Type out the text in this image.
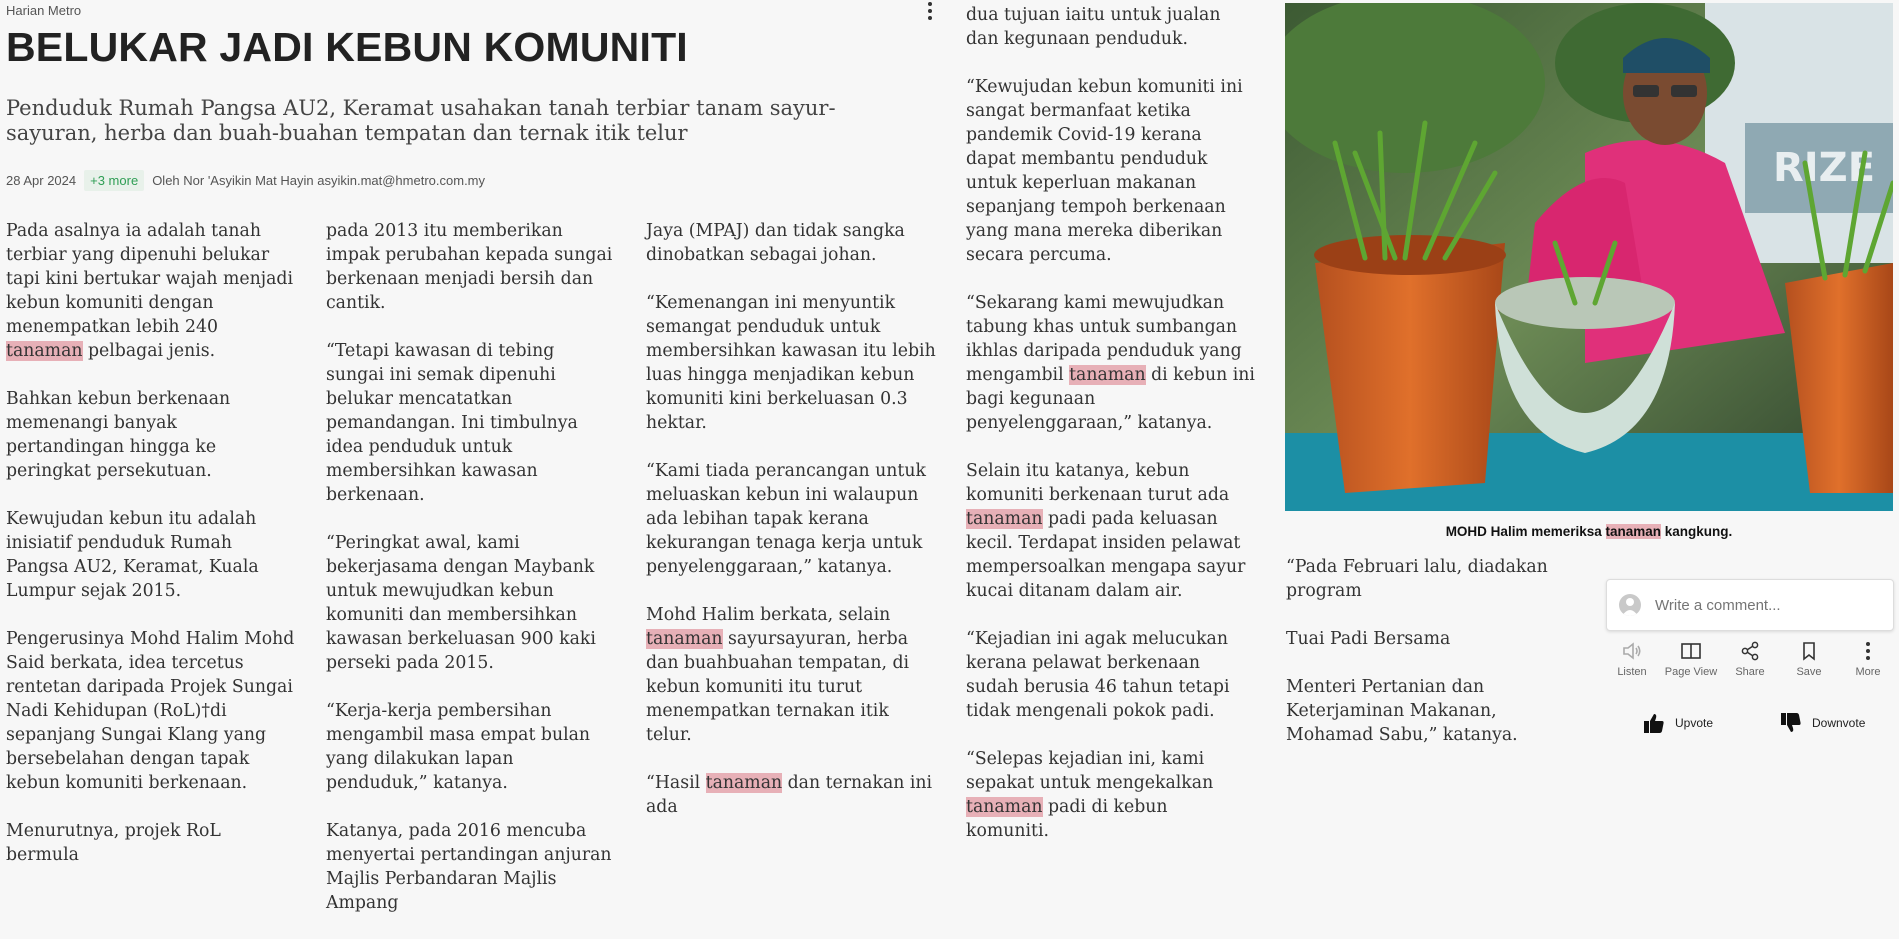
Harian Metro
BELUKAR JADI KEBUN KOMUNITI
Penduduk Rumah Pangsa AU2, Keramat usahakan tanah terbiar tanam sayur-sayuran, herba dan buah-buahan tempatan dan ternak itik telur
28 Apr 2024	+3 more	Oleh Nor 'Asyikin Mat Hayin asyikin.mat@hmetro.com.my

Pada asalnya ia adalah tanah terbiar yang dipenuhi belukar tapi kini bertukar wajah menjadi kebun komuniti dengan menempatkan lebih 240 tanaman pelbagai jenis.

Bahkan kebun berkenaan memenangi banyak pertandingan hingga ke peringkat persekutuan.

Kewujudan kebun itu adalah inisiatif penduduk Rumah Pangsa AU2, Keramat, Kuala Lumpur sejak 2015.

Pengerusinya Mohd Halim Mohd Said berkata, idea tercetus rentetan daripada Projek Sungai Nadi Kehidupan (RoL)†di sepanjang Sungai Klang yang bersebelahan dengan tapak kebun komuniti berkenaan.

Menurutnya, projek RoL bermula

pada 2013 itu memberikan impak perubahan kepada sungai berkenaan menjadi bersih dan cantik.

“Tetapi kawasan di tebing sungai ini semak dipenuhi belukar mencatatkan pemandangan. Ini timbulnya idea penduduk untuk membersihkan kawasan berkenaan.

“Peringkat awal, kami bekerjasama dengan Maybank untuk mewujudkan kebun komuniti dan membersihkan kawasan berkeluasan 900 kaki perseki pada 2015.

“Kerja-kerja pembersihan mengambil masa empat bulan yang dilakukan lapan penduduk,” katanya.

Katanya, pada 2016 mencuba menyertai pertandingan anjuran Majlis Perbandaran Majlis Ampang

Jaya (MPAJ) dan tidak sangka dinobatkan sebagai johan.

“Kemenangan ini menyuntik semangat penduduk untuk membersihkan kawasan itu lebih luas hingga menjadikan kebun komuniti kini berkeluasan 0.3 hektar.

“Kami tiada perancangan untuk meluaskan kebun ini walaupun ada lebihan tapak kerana kekurangan tenaga kerja untuk penyelenggaraan,” katanya.

Mohd Halim berkata, selain tanaman sayursayuran, herba dan buahbuahan tempatan, di kebun komuniti itu turut menempatkan ternakan itik telur.

“Hasil tanaman dan ternakan ini ada

dua tujuan iaitu untuk jualan dan kegunaan penduduk.

“Kewujudan kebun komuniti ini sangat bermanfaat ketika pandemik Covid-19 kerana dapat membantu penduduk untuk keperluan makanan sepanjang tempoh berkenaan yang mana mereka diberikan secara percuma.

“Sekarang kami mewujudkan tabung khas untuk sumbangan ikhlas daripada penduduk yang mengambil tanaman di kebun ini bagi kegunaan penyelenggaraan,” katanya.

Selain itu katanya, kebun komuniti berkenaan turut ada tanaman padi pada keluasan kecil. Terdapat insiden pelawat mempersoalkan mengapa sayur kucai ditanam dalam air.

“Kejadian ini agak melucukan kerana pelawat berkenaan sudah berusia 46 tahun tetapi tidak mengenali pokok padi.

“Selepas kejadian ini, kami sepakat untuk mengekalkan tanaman padi di kebun komuniti.

“Pada Februari lalu, diadakan program

Tuai Padi Bersama

Menteri Pertanian dan Keterjaminan Makanan, Mohamad Sabu,” katanya.

RIZE
MOHD Halim memeriksa tanaman kangkung.
Write a comment...
Listen	Page View	Share	Save	More
Upvote	Downvote
